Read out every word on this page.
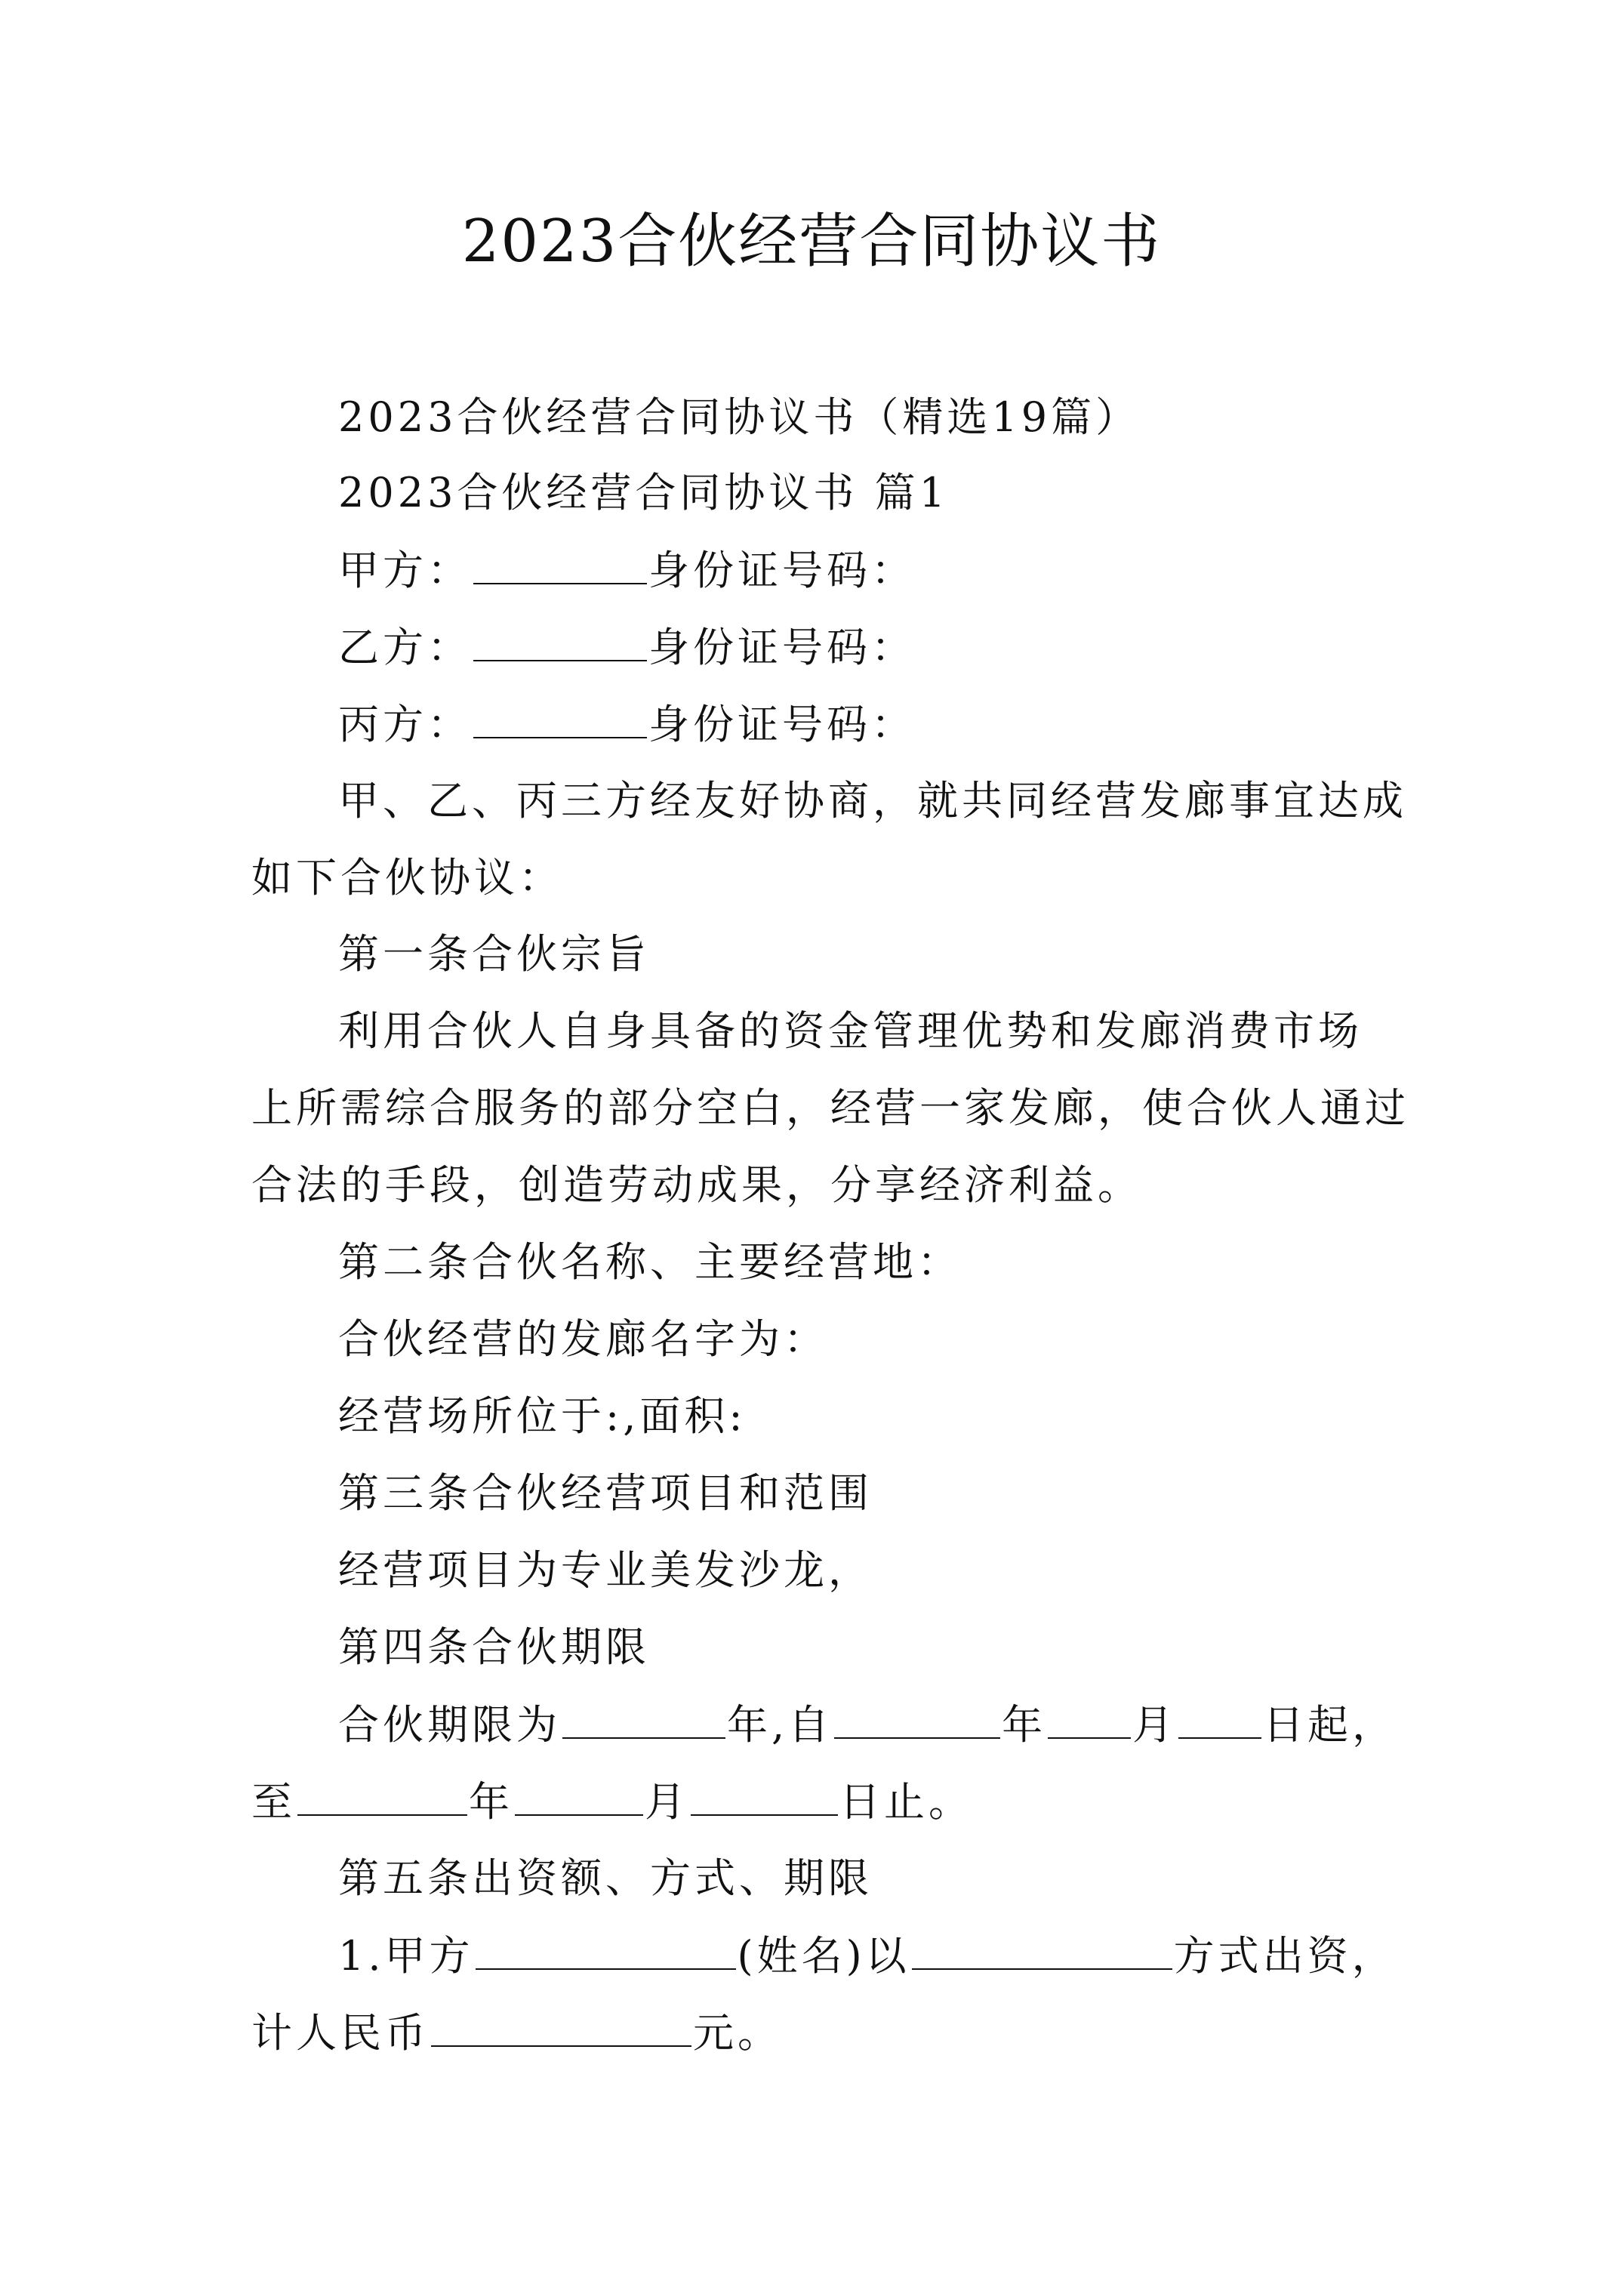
2023合伙经营合同协议书
2023合伙经营合同协议书（精选19篇）
2023合伙经营合同协议书 篇1
甲方：	身份证号码：
乙方：	身份证号码：
丙方：	身份证号码：
甲、乙、丙三方经友好协商，就共同经营发廊事宜达成
如下合伙协议：
第一条合伙宗旨
利用合伙人自身具备的资金管理优势和发廊消费市场
上所需综合服务的部分空白，经营一家发廊，使合伙人通过
合法的手段，创造劳动成果，分享经济利益。
第二条合伙名称、主要经营地：
合伙经营的发廊名字为：
经营场所位于:,面积:
第三条合伙经营项目和范围
经营项目为专业美发沙龙，
第四条合伙期限
合伙期限为	年,自	年 月 日起，
至	年	月	日止。
第五条出资额、方式、期限
1.甲方	(姓名)以	方式出资，
计人民币	元。
